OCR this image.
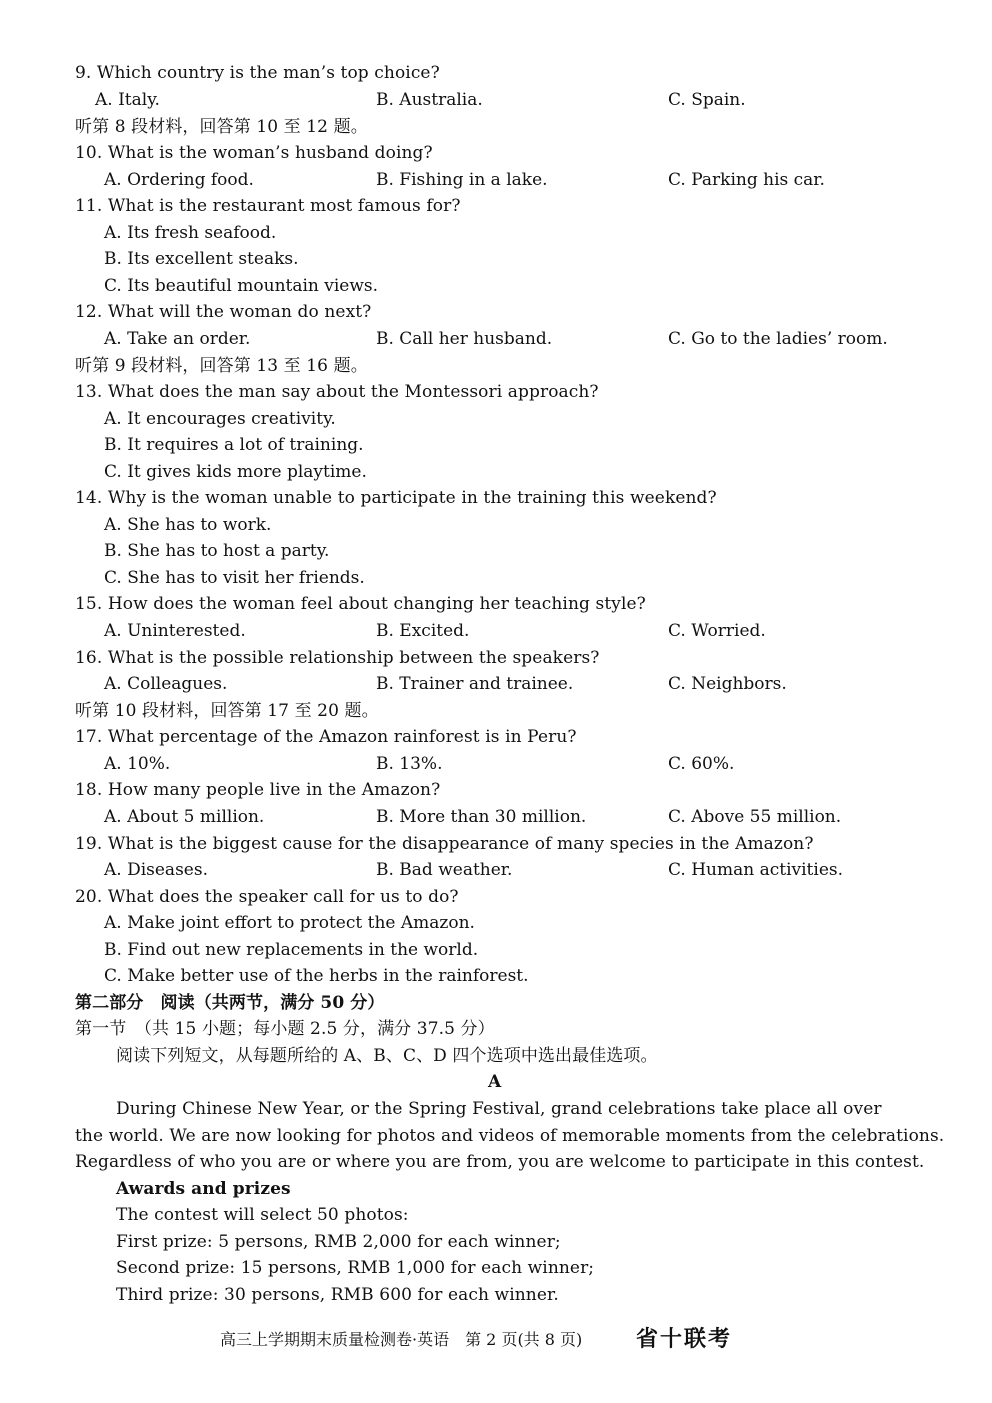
9. Which country is the man’s top choice?
A. Italy.	B. Australia.	C. Spain.
听第 8 段材料，回答第 10 至 12 题。
10. What is the woman’s husband doing?
A. Ordering food.	B. Fishing in a lake.	C. Parking his car.
11. What is the restaurant most famous for?
A. Its fresh seafood.
B. Its excellent steaks.
C. Its beautiful mountain views.
12. What will the woman do next?
A. Take an order.	B. Call her husband.	C. Go to the ladies’ room.
听第 9 段材料，回答第 13 至 16 题。
13. What does the man say about the Montessori approach?
A. It encourages creativity.
B. It requires a lot of training.
C. It gives kids more playtime.
14. Why is the woman unable to participate in the training this weekend?
A. She has to work.
B. She has to host a party.
C. She has to visit her friends.
15. How does the woman feel about changing her teaching style?
A. Uninterested.	B. Excited.	C. Worried.
16. What is the possible relationship between the speakers?
A. Colleagues.	B. Trainer and trainee.	C. Neighbors.
听第 10 段材料，回答第 17 至 20 题。
17. What percentage of the Amazon rainforest is in Peru?
A. 10%.	B. 13%.	C. 60%.
18. How many people live in the Amazon?
A. About 5 million.	B. More than 30 million.	C. Above 55 million.
19. What is the biggest cause for the disappearance of many species in the Amazon?
A. Diseases.	B. Bad weather.	C. Human activities.
20. What does the speaker call for us to do?
A. Make joint effort to protect the Amazon.
B. Find out new replacements in the world.
C. Make better use of the herbs in the rainforest.
第二部分　阅读（共两节，满分 50 分）
第一节　（共 15 小题；每小题 2.5 分，满分 37.5 分）
阅读下列短文，从每题所给的 A、B、C、D 四个选项中选出最佳选项。
A
During Chinese New Year, or the Spring Festival, grand celebrations take place all over
the world. We are now looking for photos and videos of memorable moments from the celebrations.
Regardless of who you are or where you are from, you are welcome to participate in this contest.
Awards and prizes
The contest will select 50 photos:
First prize: 5 persons, RMB 2,000 for each winner;
Second prize: 15 persons, RMB 1,000 for each winner;
Third prize: 30 persons, RMB 600 for each winner.
高三上学期期末质量检测卷·英语　第 2 页(共 8 页)	省十联考
